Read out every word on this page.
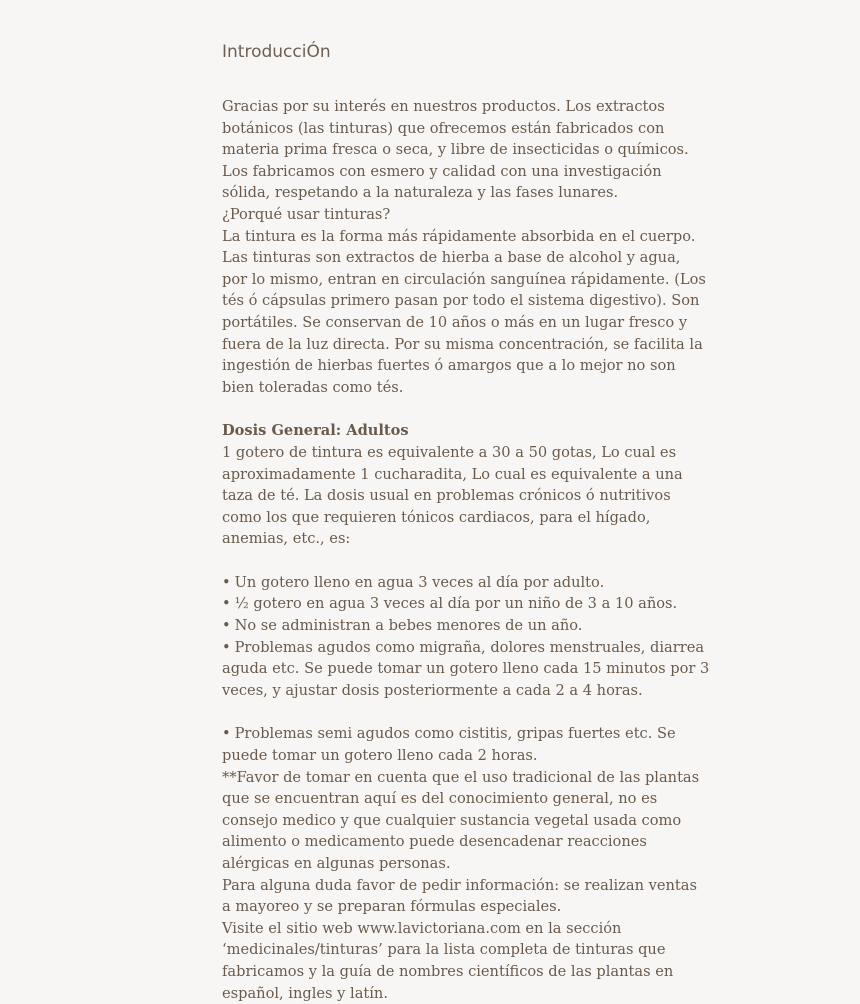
IntroducciÓn

Gracias por su interés en nuestros productos. Los extractos botánicos (las tinturas) que ofrecemos están fabricados con materia prima fresca o seca, y libre de insecticidas o químicos. Los fabricamos con esmero y calidad con una investigación sólida, respetando a la naturaleza y las fases lunares.

¿Porqué usar tinturas?

La tintura es la forma más rápidamente absorbida en el cuerpo. Las tinturas son extractos de hierba a base de alcohol y agua, por lo mismo, entran en circulación sanguínea rápidamente. (Los tés ó cápsulas primero pasan por todo el sistema digestivo). Son portátiles. Se conservan de 10 años o más en un lugar fresco y fuera de la luz directa. Por su misma concentración, se facilita la ingestión de hierbas fuertes ó amargos que a lo mejor no son bien toleradas como tés.

Dosis General: Adultos

1 gotero de tintura es equivalente a 30 a 50 gotas, Lo cual es aproximadamente 1 cucharadita, Lo cual es equivalente a una taza de té. La dosis usual en problemas crónicos ó nutritivos como los que requieren tónicos cardiacos, para el hígado, anemias, etc., es:

• Un gotero lleno en agua 3 veces al día por adulto.
• ½ gotero en agua 3 veces al día por un niño de 3 a 10 años.
• No se administran a bebes menores de un año.
• Problemas agudos como migraña, dolores menstruales, diarrea aguda etc. Se puede tomar un gotero lleno cada 15 minutos por 3 veces, y ajustar dosis posteriormente a cada 2 a 4 horas.
• Problemas semi agudos como cistitis, gripas fuertes etc. Se puede tomar un gotero lleno cada 2 horas.

**Favor de tomar en cuenta que el uso tradicional de las plantas que se encuentran aquí es del conocimiento general, no es consejo medico y que cualquier sustancia vegetal usada como alimento o medicamento puede desencadenar reacciones alérgicas en algunas personas.

Para alguna duda favor de pedir información: se realizan ventas a mayoreo y se preparan fórmulas especiales.

Visite el sitio web www.lavictoriana.com en la sección ‘medicinales/tinturas’ para la lista completa de tinturas que fabricamos y la guía de nombres científicos de las plantas en español, ingles y latín.
